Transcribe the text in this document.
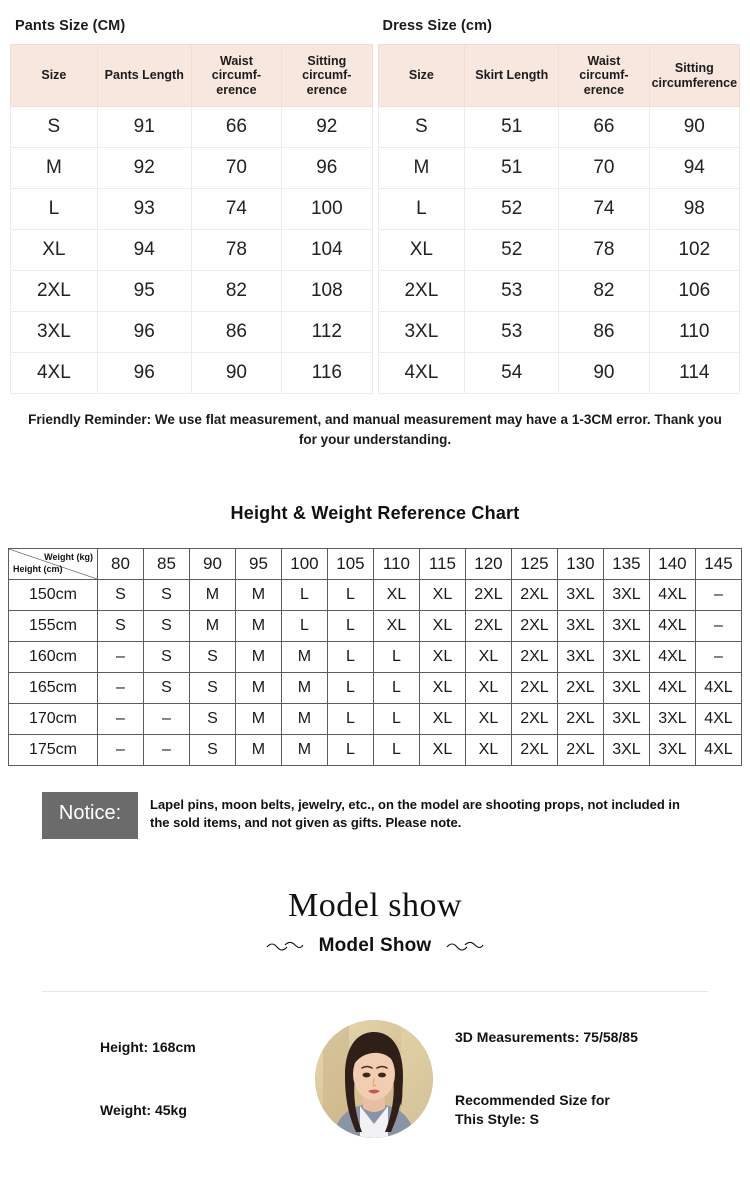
Pants Size (CM)
Size	Pants Length	Waist circumf-erence	Sitting circumf-erence
S	91	66	92
M	92	70	96
L	93	74	100
XL	94	78	104
2XL	95	82	108
3XL	96	86	112
4XL	96	90	116
Dress Size (cm)
Size	Skirt Length	Waist circumf-erence	Sitting circumference
S	51	66	90
M	51	70	94
L	52	74	98
XL	52	78	102
2XL	53	82	106
3XL	53	86	110
4XL	54	90	114
Friendly Reminder: We use flat measurement, and manual measurement may have a 1-3CM error. Thank you for your understanding.
Height & Weight Reference Chart
Weight (kg)
Height (cm)	80	85	90	95	100	105	110	115	120	125	130	135	140	145
150cm	S	S	M	M	L	L	XL	XL	2XL	2XL	3XL	3XL	4XL	–
155cm	S	S	M	M	L	L	XL	XL	2XL	2XL	3XL	3XL	4XL	–
160cm	–	S	S	M	M	L	L	XL	XL	2XL	3XL	3XL	4XL	–
165cm	–	S	S	M	M	L	L	XL	XL	2XL	2XL	3XL	4XL	4XL
170cm	–	–	S	M	M	L	L	XL	XL	2XL	2XL	3XL	3XL	4XL
175cm	–	–	S	M	M	L	L	XL	XL	2XL	2XL	3XL	3XL	4XL
Notice:	Lapel pins, moon belts, jewelry, etc., on the model are shooting props, not included in the sold items, and not given as gifts. Please note.
Model show
Model Show
Height: 168cm
Weight: 45kg
3D Measurements: 75/58/85
Recommended Size for
This Style: S
